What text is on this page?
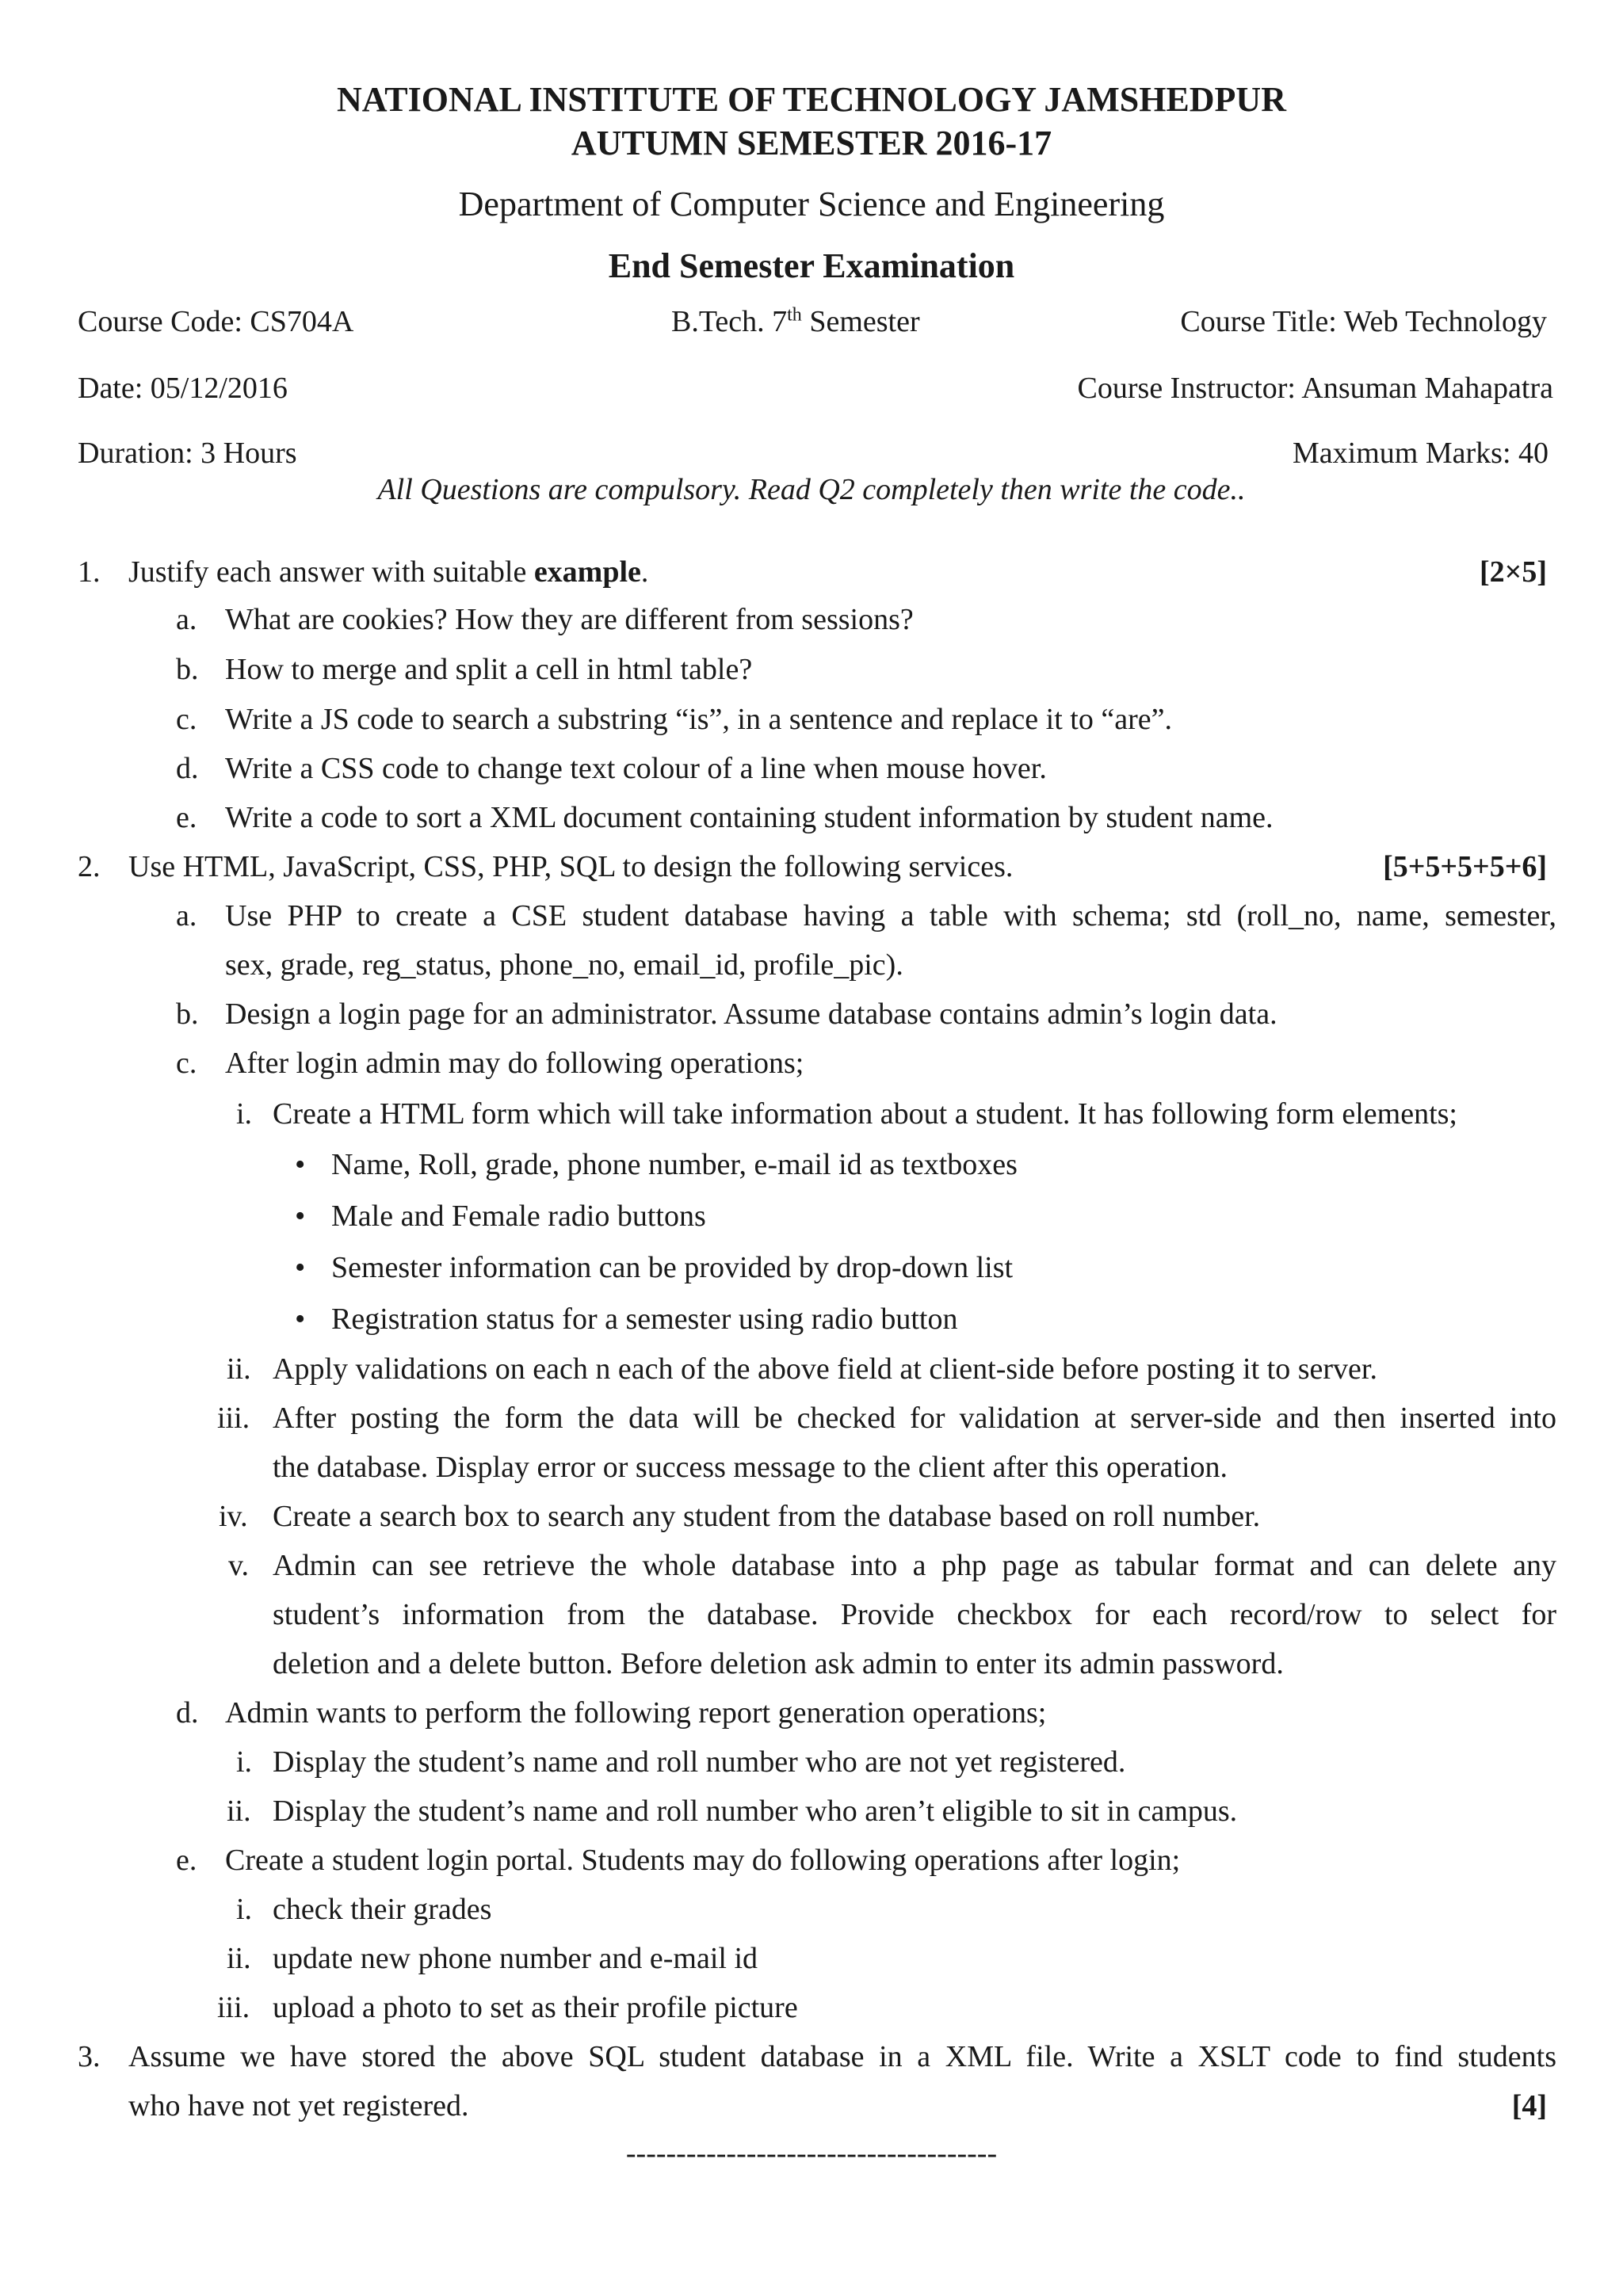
NATIONAL INSTITUTE OF TECHNOLOGY JAMSHEDPUR
AUTUMN SEMESTER 2016-17
Department of Computer Science and Engineering
End Semester Examination
Course Code: CS704A	B.Tech. 7th Semester	Course Title: Web Technology
Date: 05/12/2016	Course Instructor: Ansuman Mahapatra
Duration: 3 Hours	Maximum Marks: 40
All Questions are compulsory. Read Q2 completely then write the code..
1. Justify each answer with suitable example.	[2×5]
a. What are cookies? How they are different from sessions?
b. How to merge and split a cell in html table?
c. Write a JS code to search a substring “is”, in a sentence and replace it to “are”.
d. Write a CSS code to change text colour of a line when mouse hover.
e. Write a code to sort a XML document containing student information by student name.
2. Use HTML, JavaScript, CSS, PHP, SQL to design the following services.	[5+5+5+5+6]
a. Use PHP to create a CSE student database having a table with schema; std (roll_no, name, semester,
sex, grade, reg_status, phone_no, email_id, profile_pic).
b. Design a login page for an administrator. Assume database contains admin’s login data.
c. After login admin may do following operations;
i. Create a HTML form which will take information about a student. It has following form elements;
• Name, Roll, grade, phone number, e-mail id as textboxes
• Male and Female radio buttons
• Semester information can be provided by drop-down list
• Registration status for a semester using radio button
ii. Apply validations on each n each of the above field at client-side before posting it to server.
iii. After posting the form the data will be checked for validation at server-side and then inserted into
the database. Display error or success message to the client after this operation.
iv. Create a search box to search any student from the database based on roll number.
v. Admin can see retrieve the whole database into a php page as tabular format and can delete any
student’s information from the database. Provide checkbox for each record/row to select for
deletion and a delete button. Before deletion ask admin to enter its admin password.
d. Admin wants to perform the following report generation operations;
i. Display the student’s name and roll number who are not yet registered.
ii. Display the student’s name and roll number who aren’t eligible to sit in campus.
e. Create a student login portal. Students may do following operations after login;
i. check their grades
ii. update new phone number and e-mail id
iii. upload a photo to set as their profile picture
3. Assume we have stored the above SQL student database in a XML file. Write a XSLT code to find students
who have not yet registered.	[4]
-------------------------------------
